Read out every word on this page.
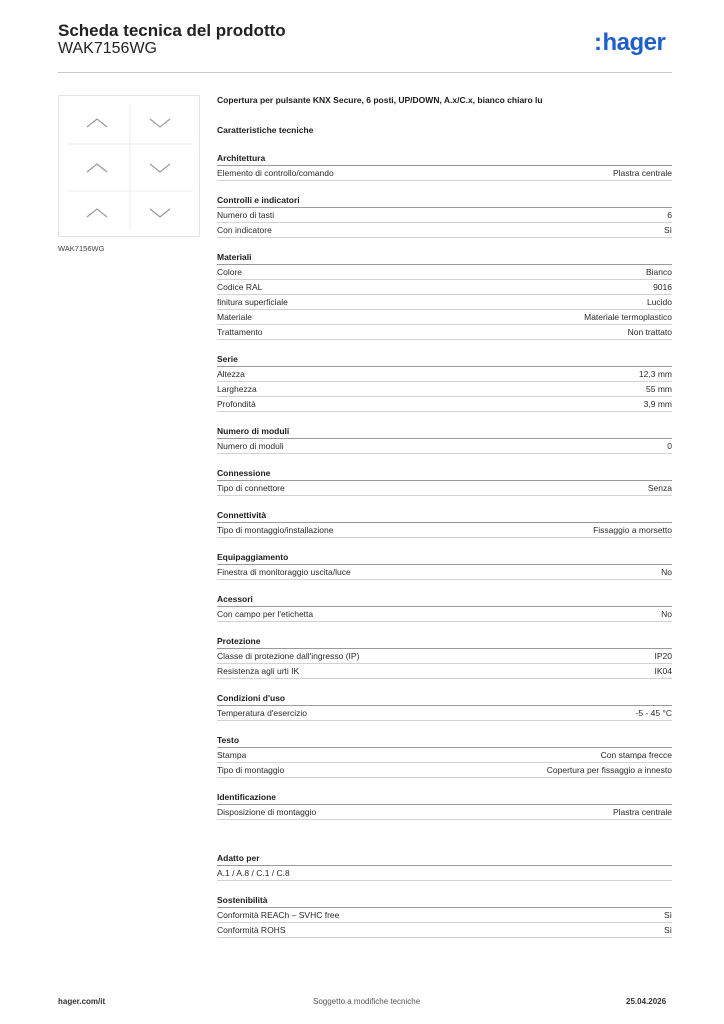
Scheda tecnica del prodotto
WAK7156WG	:hager
WAK7156WG
Copertura per pulsante KNX Secure, 6 posti, UP/DOWN, A.x/C.x, bianco chiaro lu
Caratteristiche tecniche
Architettura
Elemento di controllo/comando	Plastra centrale
Controlli e indicatori
Numero di tasti	6
Con indicatore	Sì
Materiali
Colore	Bianco
Codice RAL	9016
finitura superficiale	Lucido
Materiale	Materiale termoplastico
Trattamento	Non trattato
Serie
Altezza	12,3 mm
Larghezza	55 mm
Profondità	3,9 mm
Numero di moduli
Numero di moduli	0
Connessione
Tipo di connettore	Senza
Connettività
Tipo di montaggio/installazione	Fissaggio a morsetto
Equipaggiamento
Finestra di monitoraggio uscita/luce	No
Acessori
Con campo per l'etichetta	No
Protezione
Classe di protezione dall'ingresso (IP)	IP20
Resistenza agli urti IK	IK04
Condizioni d'uso
Temperatura d'esercizio	-5 - 45 °C
Testo
Stampa	Con stampa frecce
Tipo di montaggio	Copertura per fissaggio a innesto
Identificazione
Disposizione di montaggio	Plastra centrale
Adatto per
A.1 / A.8 / C.1 / C.8
Sostenibilità
Conformità REACh – SVHC free	Sì
Conformità ROHS	Sì
hager.com/it	Soggetto a modifiche tecniche	25.04.2026
